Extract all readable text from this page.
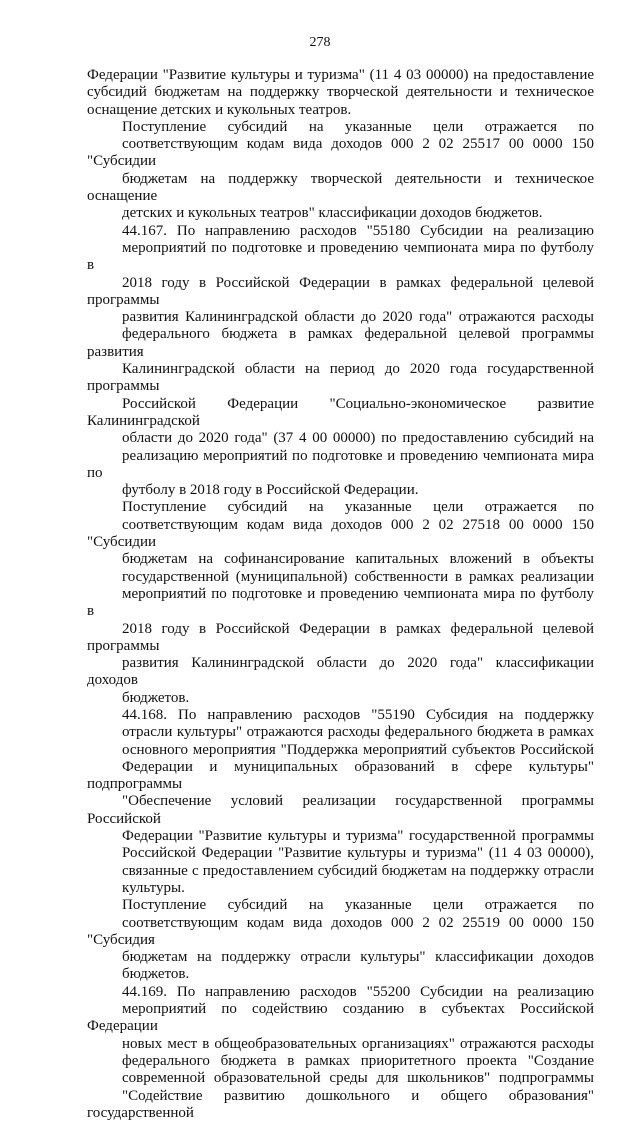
278

Федерации "Развитие культуры и туризма" (11 4 03 00000) на предоставление
субсидий бюджетам на поддержку творческой деятельности и техническое
оснащение детских и кукольных театров.

Поступление субсидий на указанные цели отражается по
соответствующим кодам вида доходов 000 2 02 25517 00 0000 150 "Субсидии
бюджетам на поддержку творческой деятельности и техническое оснащение
детских и кукольных театров" классификации доходов бюджетов.

44.167. По направлению расходов "55180 Субсидии на реализацию
мероприятий по подготовке и проведению чемпионата мира по футболу в
2018 году в Российской Федерации в рамках федеральной целевой программы
развития Калининградской области до 2020 года" отражаются расходы
федерального бюджета в рамках федеральной целевой программы развития
Калининградской области на период до 2020 года государственной программы
Российской Федерации "Социально-экономическое развитие Калининградской
области до 2020 года" (37 4 00 00000) по предоставлению субсидий на
реализацию мероприятий по подготовке и проведению чемпионата мира по
футболу в 2018 году в Российской Федерации.

Поступление субсидий на указанные цели отражается по
соответствующим кодам вида доходов 000 2 02 27518 00 0000 150 "Субсидии
бюджетам на софинансирование капитальных вложений в объекты
государственной (муниципальной) собственности в рамках реализации
мероприятий по подготовке и проведению чемпионата мира по футболу в
2018 году в Российской Федерации в рамках федеральной целевой программы
развития Калининградской области до 2020 года" классификации доходов
бюджетов.

44.168. По направлению расходов "55190 Субсидия на поддержку
отрасли культуры" отражаются расходы федерального бюджета в рамках
основного мероприятия "Поддержка мероприятий субъектов Российской
Федерации и муниципальных образований в сфере культуры" подпрограммы
"Обеспечение условий реализации государственной программы Российской
Федерации "Развитие культуры и туризма" государственной программы
Российской Федерации "Развитие культуры и туризма" (11 4 03 00000),
связанные с предоставлением субсидий бюджетам на поддержку отрасли
культуры.

Поступление субсидий на указанные цели отражается по
соответствующим кодам вида доходов 000 2 02 25519 00 0000 150 "Субсидия
бюджетам на поддержку отрасли культуры" классификации доходов
бюджетов.

44.169. По направлению расходов "55200 Субсидии на реализацию
мероприятий по содействию созданию в субъектах Российской Федерации
новых мест в общеобразовательных организациях" отражаются расходы
федерального бюджета в рамках приоритетного проекта "Создание
современной образовательной среды для школьников" подпрограммы
"Содействие развитию дошкольного и общего образования" государственной
